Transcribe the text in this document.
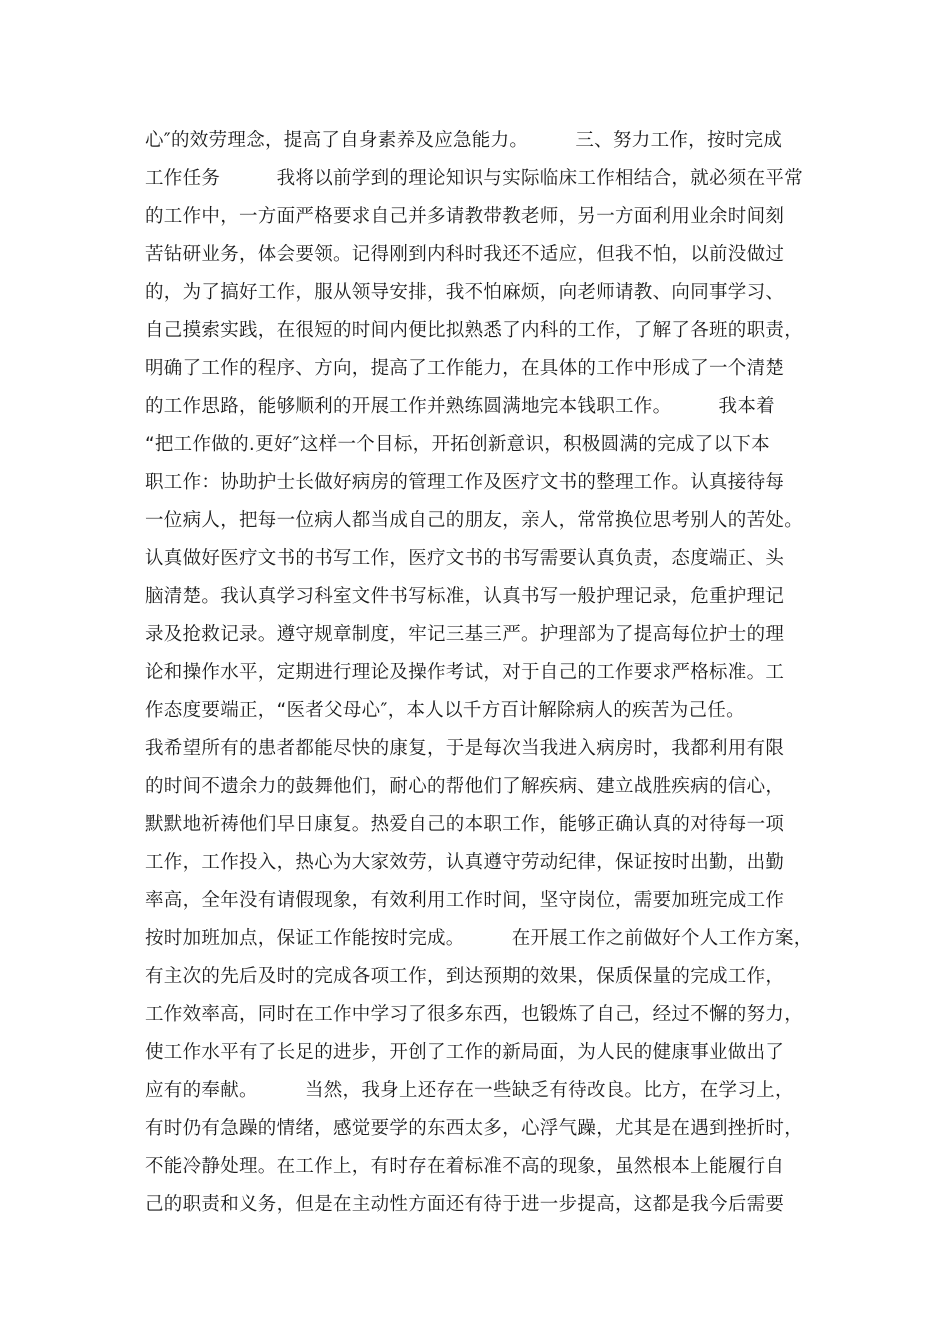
心″的效劳理念，提高了自身素养及应急能力。　　　三、努力工作，按时完成
工作任务　　　我将以前学到的理论知识与实际临床工作相结合，就必须在平常
的工作中，一方面严格要求自己并多请教带教老师，另一方面利用业余时间刻
苦钻研业务，体会要领。记得刚到内科时我还不适应，但我不怕，以前没做过
的，为了搞好工作，服从领导安排，我不怕麻烦，向老师请教、向同事学习、
自己摸索实践，在很短的时间内便比拟熟悉了内科的工作，了解了各班的职责，
明确了工作的程序、方向，提高了工作能力，在具体的工作中形成了一个清楚
的工作思路，能够顺利的开展工作并熟练圆满地完本钱职工作。　　　我本着
“把工作做的.更好″这样一个目标，开拓创新意识，积极圆满的完成了以下本
职工作：协助护士长做好病房的管理工作及医疗文书的整理工作。认真接待每
一位病人，把每一位病人都当成自己的朋友，亲人，常常换位思考别人的苦处。
认真做好医疗文书的书写工作，医疗文书的书写需要认真负责，态度端正、头
脑清楚。我认真学习科室文件书写标准，认真书写一般护理记录，危重护理记
录及抢救记录。遵守规章制度，牢记三基三严。护理部为了提高每位护士的理
论和操作水平，定期进行理论及操作考试，对于自己的工作要求严格标准。工
作态度要端正，“医者父母心″，本人以千方百计解除病人的疾苦为己任。
我希望所有的患者都能尽快的康复，于是每次当我进入病房时，我都利用有限
的时间不遗余力的鼓舞他们，耐心的帮他们了解疾病、建立战胜疾病的信心，
默默地祈祷他们早日康复。热爱自己的本职工作，能够正确认真的对待每一项
工作，工作投入，热心为大家效劳，认真遵守劳动纪律，保证按时出勤，出勤
率高，全年没有请假现象，有效利用工作时间，坚守岗位，需要加班完成工作
按时加班加点，保证工作能按时完成。　　　在开展工作之前做好个人工作方案，
有主次的先后及时的完成各项工作，到达预期的效果，保质保量的完成工作，
工作效率高，同时在工作中学习了很多东西，也锻炼了自己，经过不懈的努力，
使工作水平有了长足的进步，开创了工作的新局面，为人民的健康事业做出了
应有的奉献。　　　当然，我身上还存在一些缺乏有待改良。比方，在学习上，
有时仍有急躁的情绪，感觉要学的东西太多，心浮气躁，尤其是在遇到挫折时，
不能冷静处理。在工作上，有时存在着标准不高的现象，虽然根本上能履行自
己的职责和义务，但是在主动性方面还有待于进一步提高，这都是我今后需要
